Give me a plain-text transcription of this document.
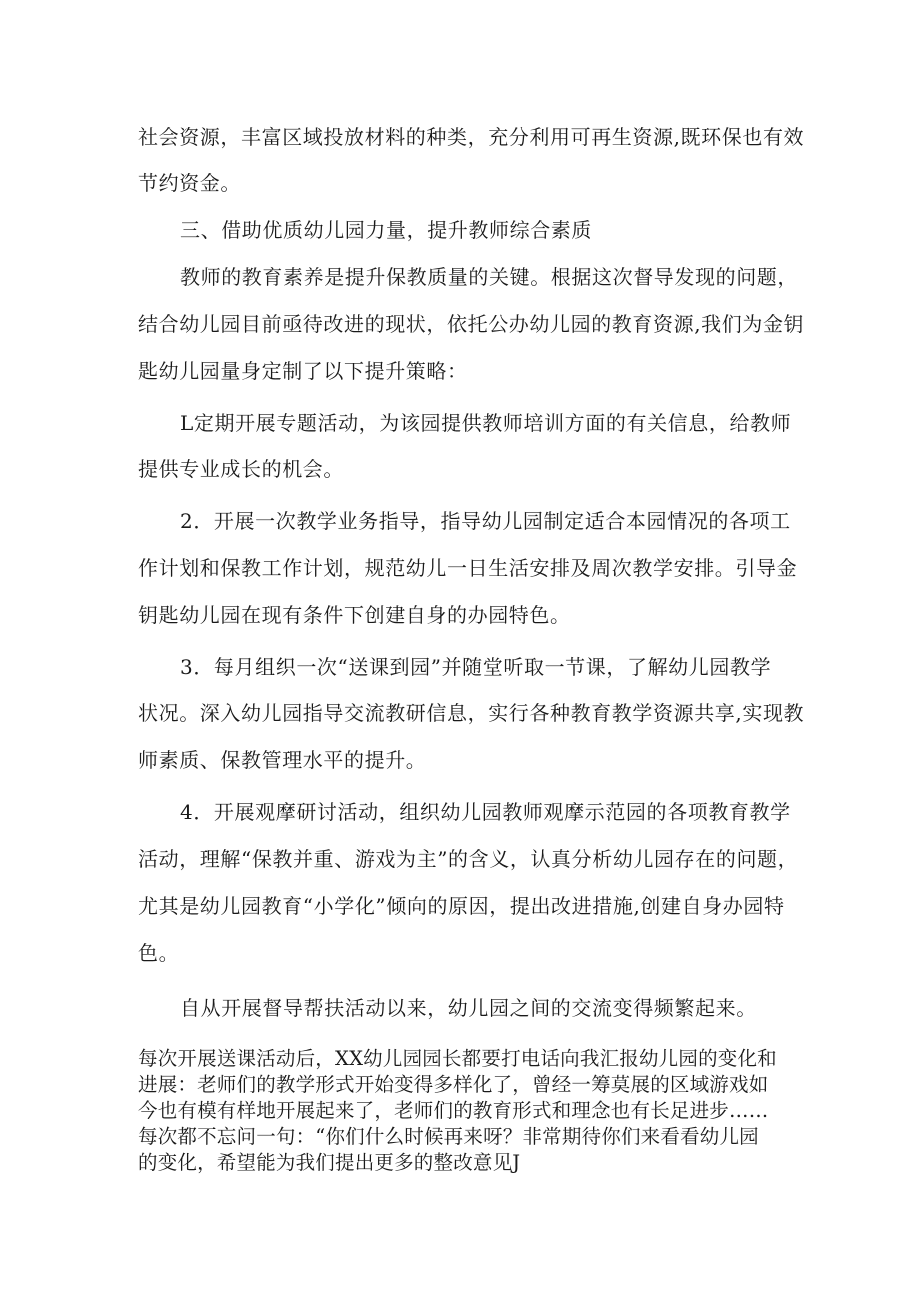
社会资源，丰富区域投放材料的种类，充分利用可再生资源,既环保也有效
节约资金。
三、借助优质幼儿园力量，提升教师综合素质
教师的教育素养是提升保教质量的关键。根据这次督导发现的问题，
结合幼儿园目前亟待改进的现状，依托公办幼儿园的教育资源,我们为金钥
匙幼儿园量身定制了以下提升策略：
L定期开展专题活动，为该园提供教师培训方面的有关信息，给教师
提供专业成长的机会。
2．开展一次教学业务指导，指导幼儿园制定适合本园情况的各项工
作计划和保教工作计划，规范幼儿一日生活安排及周次教学安排。引导金
钥匙幼儿园在现有条件下创建自身的办园特色。
3．每月组织一次“送课到园”并随堂听取一节课，了解幼儿园教学
状况。深入幼儿园指导交流教研信息，实行各种教育教学资源共享,实现教
师素质、保教管理水平的提升。
4．开展观摩研讨活动，组织幼儿园教师观摩示范园的各项教育教学
活动，理解“保教并重、游戏为主”的含义，认真分析幼儿园存在的问题，
尤其是幼儿园教育“小学化”倾向的原因，提出改进措施,创建自身办园特
色。
自从开展督导帮扶活动以来，幼儿园之间的交流变得频繁起来。
每次开展送课活动后，XX幼儿园园长都要打电话向我汇报幼儿园的变化和
进展：老师们的教学形式开始变得多样化了，曾经一筹莫展的区域游戏如
今也有模有样地开展起来了，老师们的教育形式和理念也有长足进步……
每次都不忘问一句：“你们什么时候再来呀？非常期待你们来看看幼儿园
的变化，希望能为我们提出更多的整改意见J
